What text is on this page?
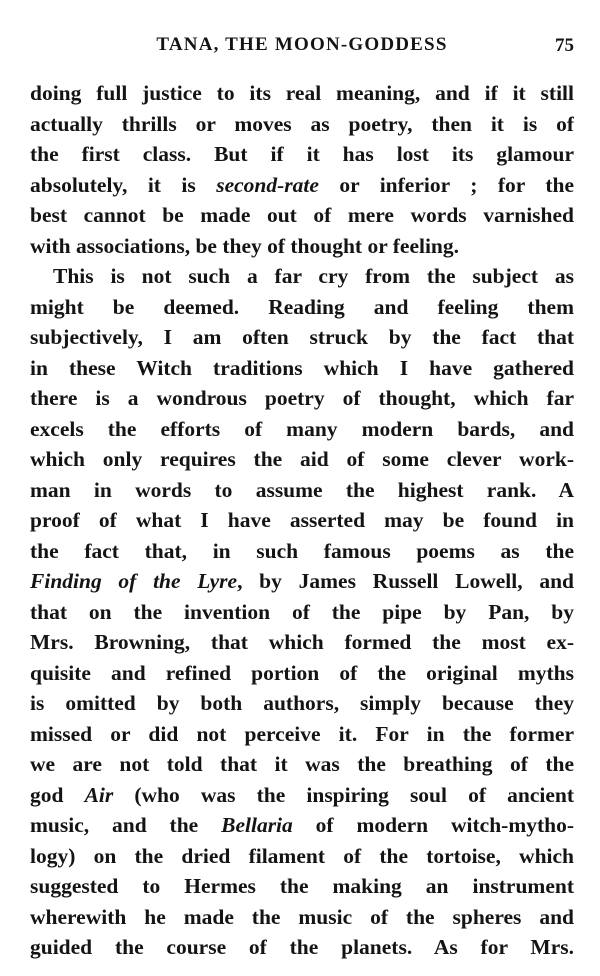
TANA, THE MOON-GODDESS	75
doing full justice to its real meaning, and if it still
actually thrills or moves as poetry, then it is of
the first class. But if it has lost its glamour
absolutely, it is second-rate or inferior ; for the
best cannot be made out of mere words varnished
with associations, be they of thought or feeling.
This is not such a far cry from the subject as
might be deemed. Reading and feeling them
subjectively, I am often struck by the fact that
in these Witch traditions which I have gathered
there is a wondrous poetry of thought, which far
excels the efforts of many modern bards, and
which only requires the aid of some clever work-
man in words to assume the highest rank. A
proof of what I have asserted may be found in
the fact that, in such famous poems as the
Finding of the Lyre, by James Russell Lowell, and
that on the invention of the pipe by Pan, by
Mrs. Browning, that which formed the most ex-
quisite and refined portion of the original myths
is omitted by both authors, simply because they
missed or did not perceive it. For in the former
we are not told that it was the breathing of the
god Air (who was the inspiring soul of ancient
music, and the Bellaria of modern witch-mytho-
logy) on the dried filament of the tortoise, which
suggested to Hermes the making an instrument
wherewith he made the music of the spheres and
guided the course of the planets. As for Mrs.
